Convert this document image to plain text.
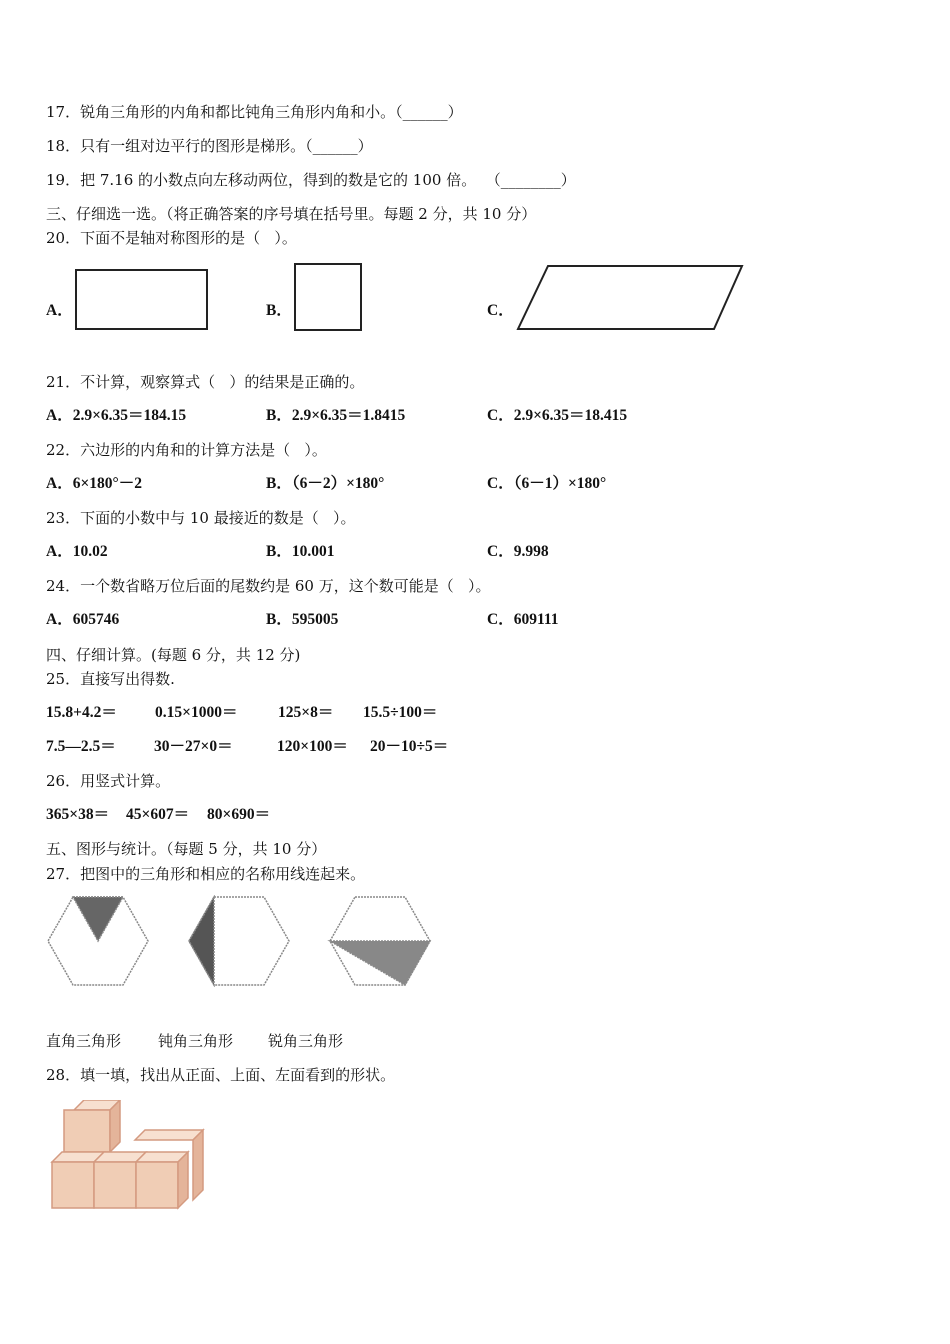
17．锐角三角形的内角和都比钝角三角形内角和小。（______）
18．只有一组对边平行的图形是梯形。（______）
19．把 7.16 的小数点向左移动两位，得到的数是它的 100 倍。  （________）
三、仔细选一选。（将正确答案的序号填在括号里。每题 2 分，共 10 分）
20．下面不是轴对称图形的是（   ）。
A．	B．	C．
21．不计算，观察算式（   ）的结果是正确的。
A．2.9×6.35＝184.15	B．2.9×6.35＝1.8415	C．2.9×6.35＝18.415
22．六边形的内角和的计算方法是（   ）。
A．6×180°－2	B．（6－2）×180°	C．（6－1）×180°
23．下面的小数中与 10 最接近的数是（   ）。
A．10.02	B．10.001	C．9.998
24．一个数省略万位后面的尾数约是 60 万，这个数可能是（   ）。
A．605746	B．595005	C．609111
四、仔细计算。(每题 6 分，共 12 分)
25．直接写出得数.
15.8+4.2＝ 0.15×1000＝	125×8＝ 15.5÷100＝
7.5—2.5＝ 30－27×0＝	120×100＝ 20－10÷5＝
26．用竖式计算。
365×38＝ 45×607＝ 80×690＝
五、图形与统计。（每题 5 分，共 10 分）
27．把图中的三角形和相应的名称用线连起来。
直角三角形 钝角三角形 锐角三角形
28．填一填，找出从正面、上面、左面看到的形状。
